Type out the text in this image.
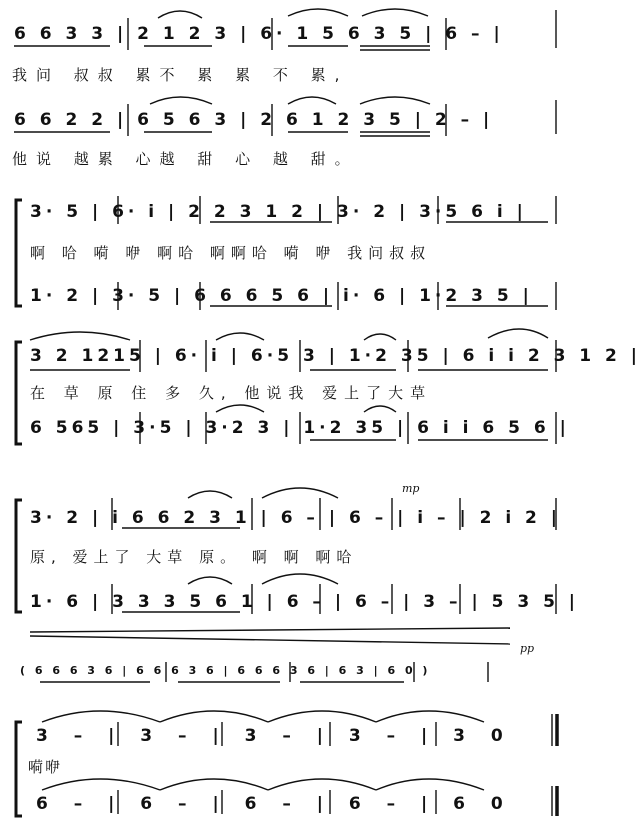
6 6 3 3 | 2 1 2 3 | 6· 1 5 6 3 5 | 6 – |
我问 叔叔 累不 累 累 不 累,
6 6 2 2 | 6 5 6 3 | 2 6 1 2 3 5 | 2 – |
他说 越累 心越 甜 心 越 甜。
3· 5 | 6· i | 2 2 3 1 2 | 3· 2 | 3·5 6 i |
啊 哈 嗬 咿 啊哈 啊啊哈 嗬 咿 我问叔叔
1· 2 | 3· 5 | 6 6 6 5 6 | i· 6 | 1·2 3 5 |
3 2 1215 | 6· i | 6·5 3 | 1·2 35 | 6 i i 2 3 1 2 |
在 草 原 住 多 久, 他说我 爱上了大草
6 565 | 3·5 | 3·2 3 | 1·2 35 | 6 i i 6 5 6 |
mp
3· 2 | i 6 6 2 3 1 | 6 – | 6 – | i – | 2 i 2 |
原, 爱上了 大草 原。 啊 啊 啊哈
1· 6 | 3 3 3 5 6 1 | 6 – | 6 – | 3 – | 5 3 5 |
pp
( 6 6 6 3 6 | 6 6 6 3 6 | 6 6 6 3 6 | 6 3 | 6 0 )
3 – | 3 – | 3 – | 3 – | 3 0
嗬咿
6 – | 6 – | 6 – | 6 – | 6 0
